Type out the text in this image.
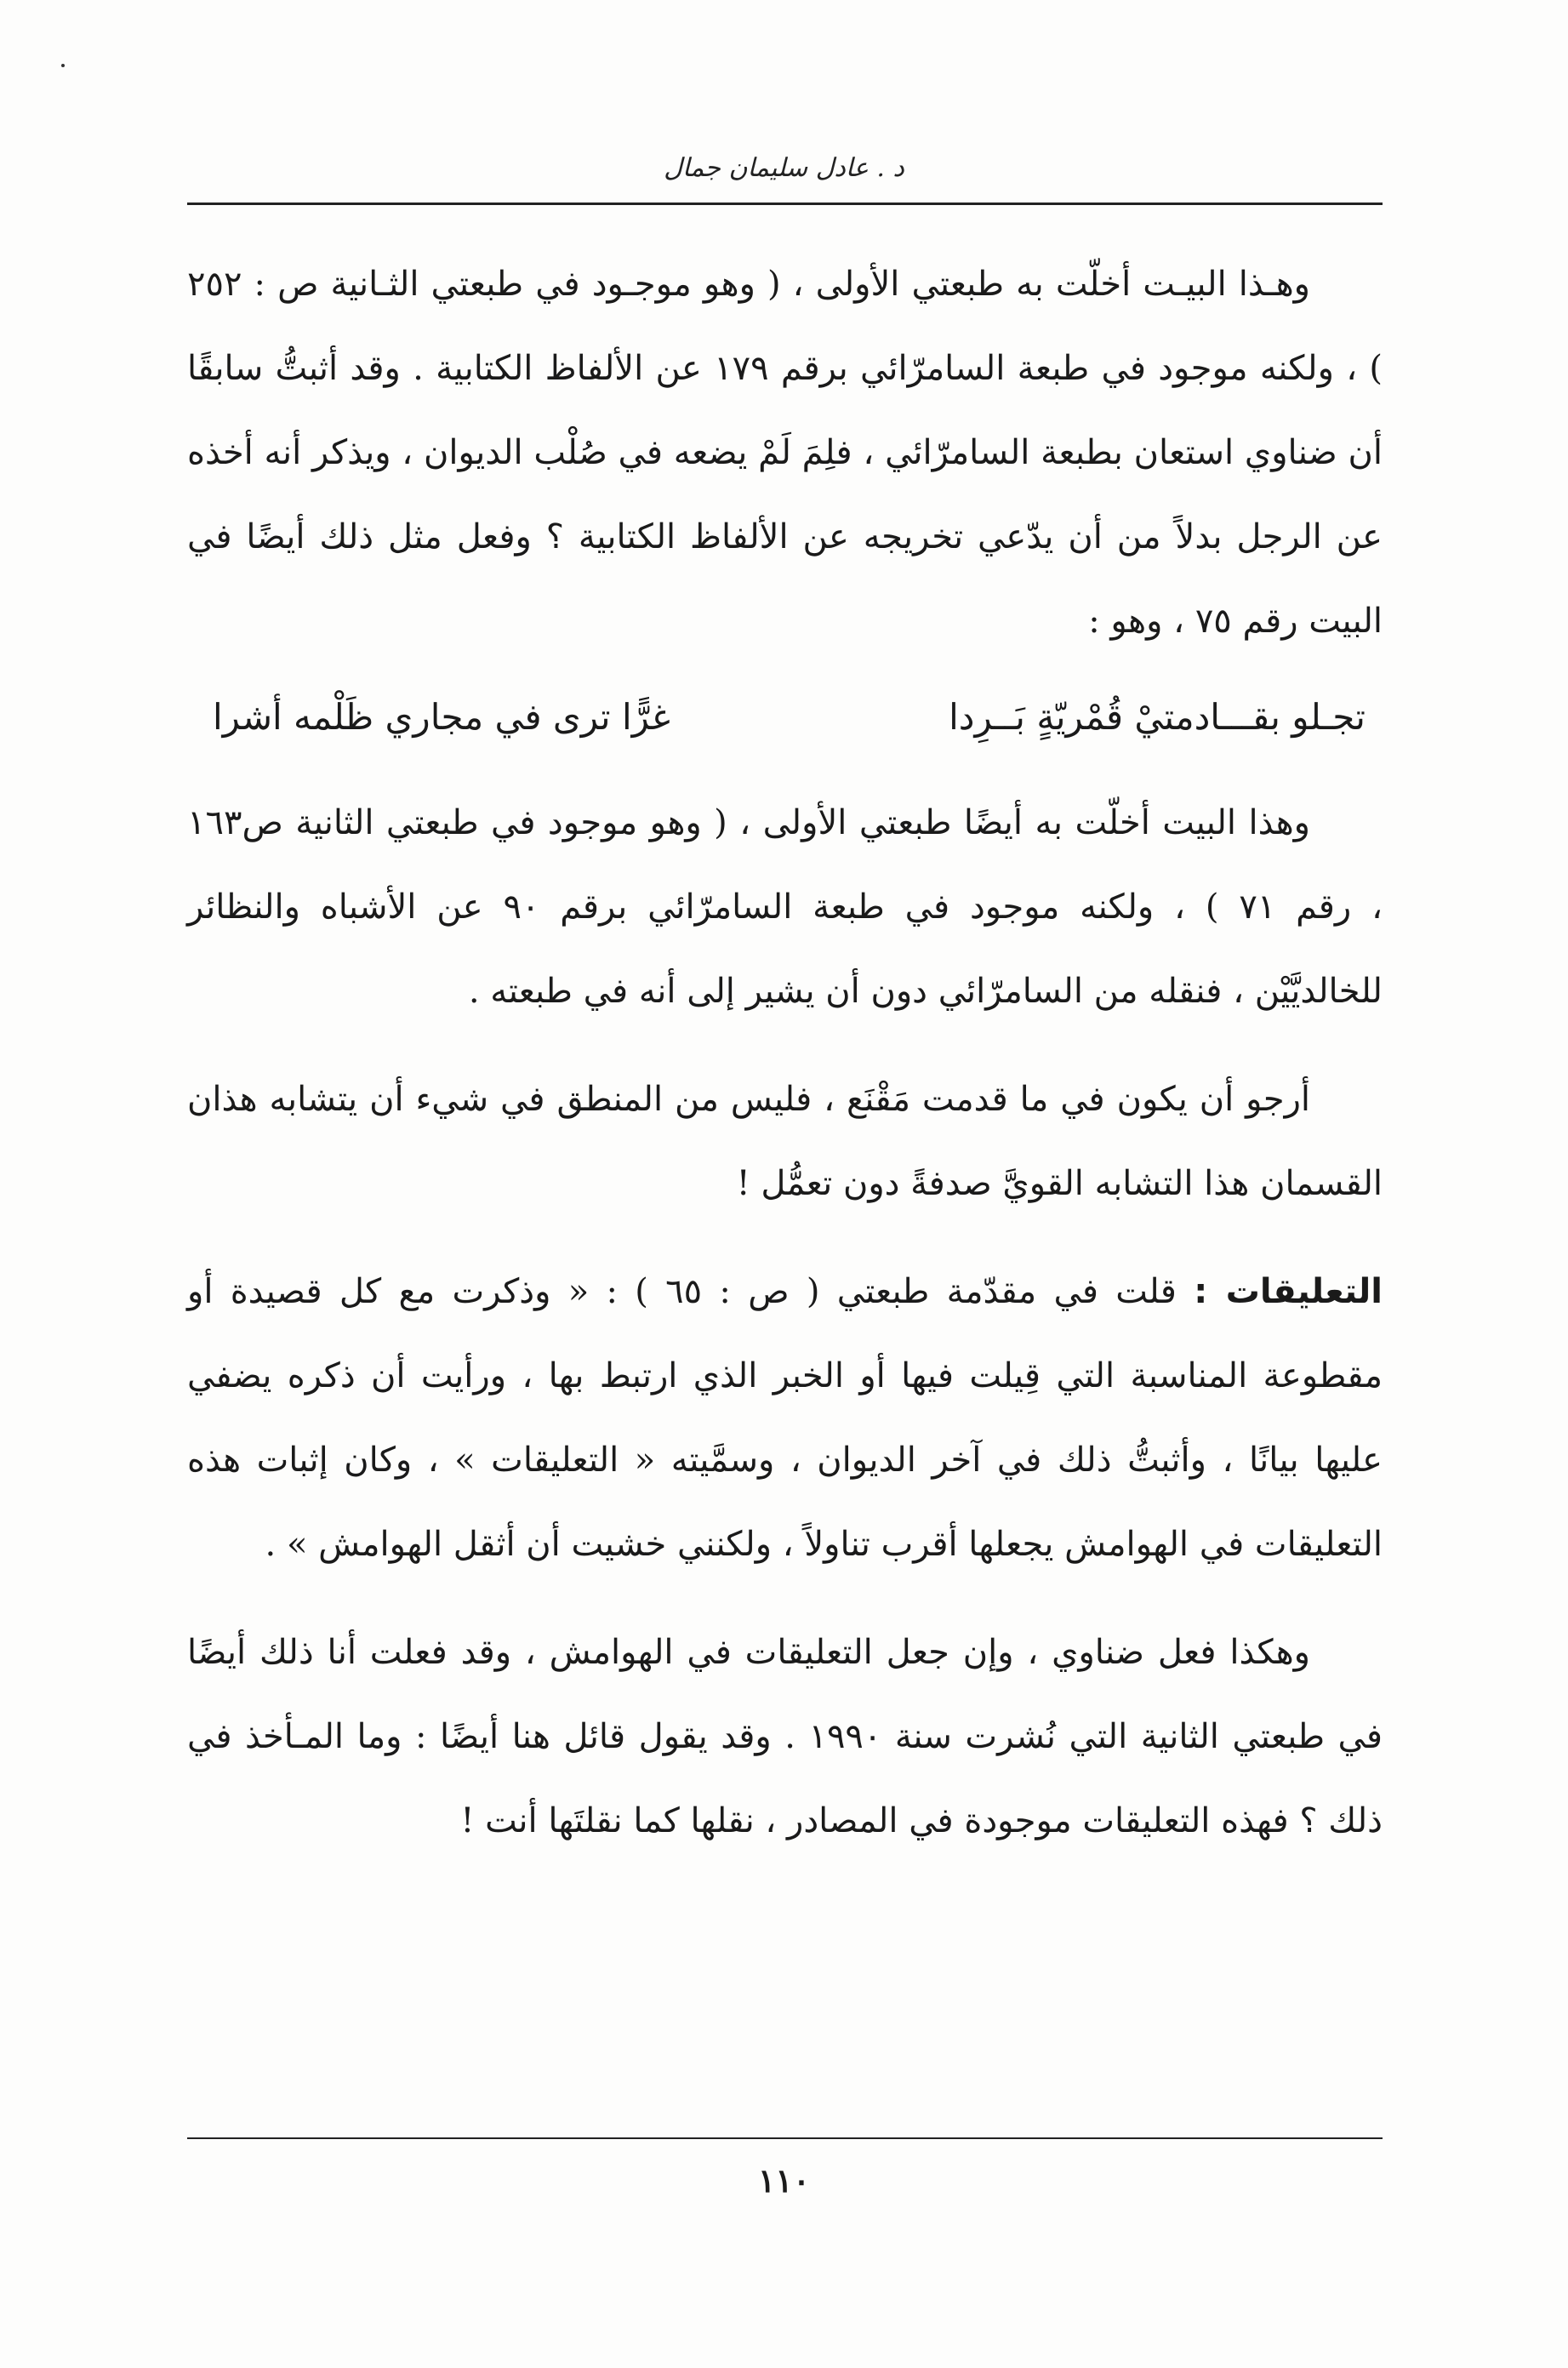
د . عادل سليمان جمال

وهـذا البيـت أخلّت به طبعتي الأولى ، ( وهو موجـود في طبعتي الثـانية ص : ٢٥٢ ) ، ولكنه موجود في طبعة السامرّائي برقم ١٧٩ عن الألفاظ الكتابية . وقد أثبتُّ سابقًا أن ضناوي استعان بطبعة السامرّائي ، فلِمَ لَمْ يضعه في صُلْب الديوان ، ويذكر أنه أخذه عن الرجل بدلاً من أن يدّعي تخريجه عن الألفاظ الكتابية ؟ وفعل مثل ذلك أيضًا في البيت رقم ٧٥ ، وهو :

تجـلو بقـــادمتيْ قُمْريّةٍ بَــرِدا
غرًّا ترى في مجاري ظَلْمه أشرا

وهذا البيت أخلّت به أيضًا طبعتي الأولى ، ( وهو موجود في طبعتي الثانية ص١٦٣ ، رقم ٧١ ) ، ولكنه موجود في طبعة السامرّائي برقم ٩٠ عن الأشباه والنظائر للخالديَّيْن ، فنقله من السامرّائي دون أن يشير إلى أنه في طبعته .

أرجو أن يكون في ما قدمت مَقْنَع ، فليس من المنطق في شيء أن يتشابه هذان القسمان هذا التشابه القويَّ صدفةً دون تعمُّل !

التعليقات : قلت في مقدّمة طبعتي ( ص : ٦٥ ) : « وذكرت مع كل قصيدة أو مقطوعة المناسبة التي قِيلت فيها أو الخبر الذي ارتبط بها ، ورأيت أن ذكره يضفي عليها بيانًا ، وأثبتُّ ذلك في آخر الديوان ، وسمَّيته « التعليقات » ، وكان إثبات هذه التعليقات في الهوامش يجعلها أقرب تناولاً ، ولكنني خشيت أن أثقل الهوامش » .

وهكذا فعل ضناوي ، وإن جعل التعليقات في الهوامش ، وقد فعلت أنا ذلك أيضًا في طبعتي الثانية التي نُشرت سنة ١٩٩٠ . وقد يقول قائل هنا أيضًا : وما المـأخذ في ذلك ؟ فهذه التعليقات موجودة في المصادر ، نقلها كما نقلتَها أنت !

١١٠
